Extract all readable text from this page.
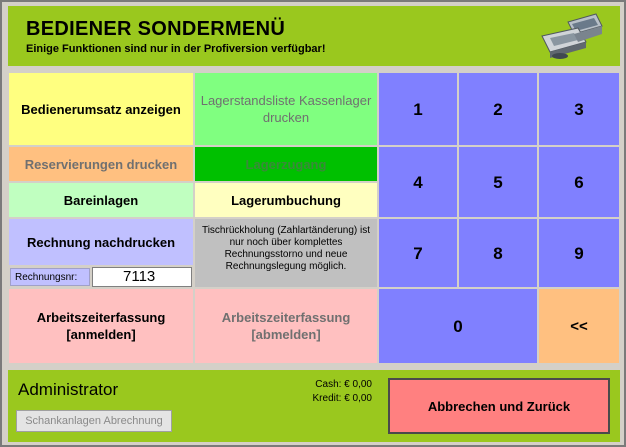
BEDIENER SONDERMENÜ
Einige Funktionen sind nur in der Profiversion verfügbar!
Bedienerumsatz anzeigen
Reservierungen drucken
Bareinlagen
Rechnung nachdrucken
Rechnungsnr:	7113
Arbeitszeiterfassung [anmelden]
Lagerstandsliste Kassenlager drucken
Lagerzugang
Lagerumbuchung
Tischrückholung (Zahlartänderung) ist nur noch über komplettes Rechnungsstorno und neue Rechnungslegung möglich.
Arbeitszeiterfassung [abmelden]
1	2	3
4	5	6
7	8	9
0	<<
Administrator
Schankanlagen Abrechnung
Cash: € 0,00
Kredit: € 0,00	Abbrechen und Zurück
